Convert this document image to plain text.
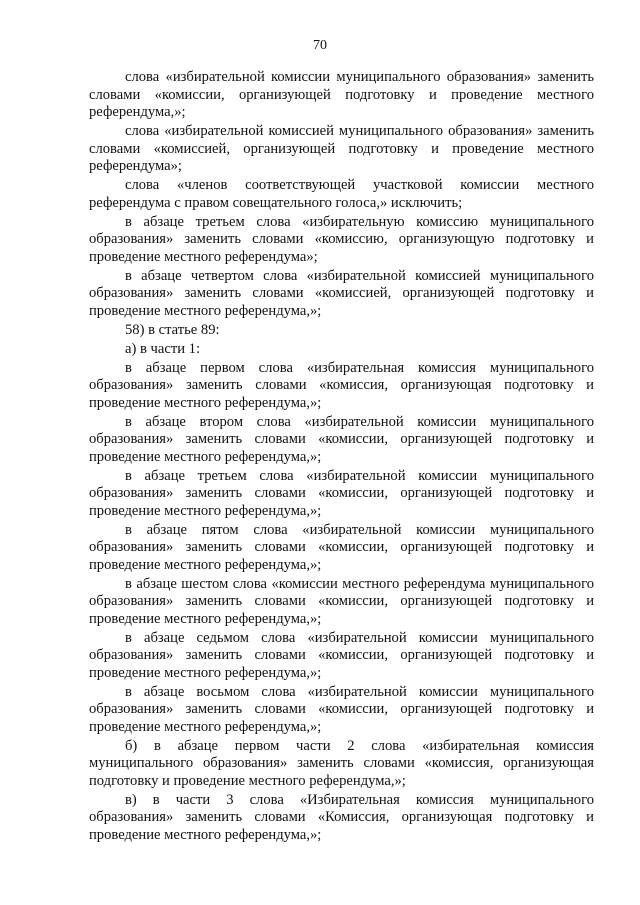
70

слова «избирательной комиссии муниципального образования» заменить словами «комиссии, организующей подготовку и проведение местного референдума,»;

слова «избирательной комиссией муниципального образования» заменить словами «комиссией, организующей подготовку и проведение местного референдума»;

слова «членов соответствующей участковой комиссии местного референдума с правом совещательного голоса,» исключить;

в абзаце третьем слова «избирательную комиссию муниципального образования» заменить словами «комиссию, организующую подготовку и проведение местного референдума»;

в абзаце четвертом слова «избирательной комиссией муниципального образования» заменить словами «комиссией, организующей подготовку и проведение местного референдума,»;

58) в статье 89:

а) в части 1:

в абзаце первом слова «избирательная комиссия муниципального образования» заменить словами «комиссия, организующая подготовку и проведение местного референдума,»;

в абзаце втором слова «избирательной комиссии муниципального образования» заменить словами «комиссии, организующей подготовку и проведение местного референдума,»;

в абзаце третьем слова «избирательной комиссии муниципального образования» заменить словами «комиссии, организующей подготовку и проведение местного референдума,»;

в абзаце пятом слова «избирательной комиссии муниципального образования» заменить словами «комиссии, организующей подготовку и проведение местного референдума,»;

в абзаце шестом слова «комиссии местного референдума муниципального образования» заменить словами «комиссии, организующей подготовку и проведение местного референдума,»;

в абзаце седьмом слова «избирательной комиссии муниципального образования» заменить словами «комиссии, организующей подготовку и проведение местного референдума,»;

в абзаце восьмом слова «избирательной комиссии муниципального образования» заменить словами «комиссии, организующей подготовку и проведение местного референдума,»;

б) в абзаце первом части 2 слова «избирательная комиссия муниципального образования» заменить словами «комиссия, организующая подготовку и проведение местного референдума,»;

в) в части 3 слова «Избирательная комиссия муниципального образования» заменить словами «Комиссия, организующая подготовку и проведение местного референдума,»;
